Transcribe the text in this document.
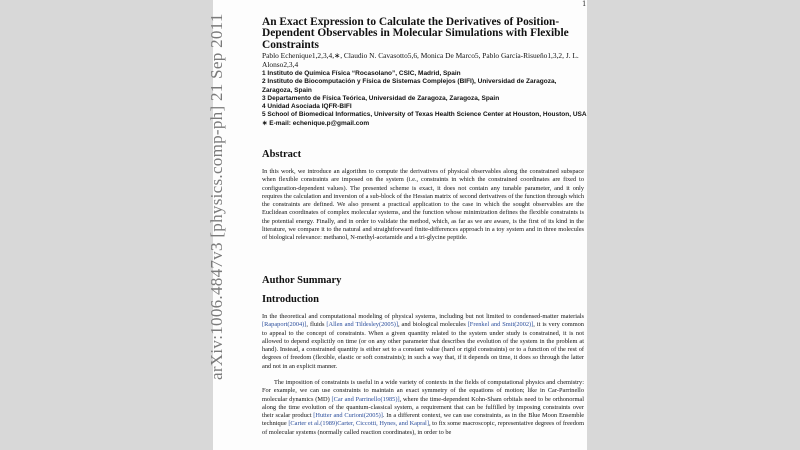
1
An Exact Expression to Calculate the Derivatives of Position-Dependent Observables in Molecular Simulations with Flexible Constraints
Pablo Echenique1,2,3,4,∗, Claudio N. Cavasotto5,6, Monica De Marco5, Pablo García-Risueño1,3,2, J. L. Alonso2,3,4
1 Instituto de Química Física “Rocasolano”, CSIC, Madrid, Spain
2 Instituto de Biocomputación y Física de Sistemas Complejos (BIFI), Universidad de Zaragoza, Zaragoza, Spain
3 Departamento de Física Teórica, Universidad de Zaragoza, Zaragoza, Spain
4 Unidad Asociada IQFR-BIFI
5 School of Biomedical Informatics, University of Texas Health Science Center at Houston, Houston, USA
∗ E-mail: echenique.p@gmail.com
Abstract
In this work, we introduce an algorithm to compute the derivatives of physical observables along the constrained subspace when flexible constraints are imposed on the system (i.e., constraints in which the constrained coordinates are fixed to configuration-dependent values). The presented scheme is exact, it does not contain any tunable parameter, and it only requires the calculation and inversion of a sub-block of the Hessian matrix of second derivatives of the function through which the constraints are defined. We also present a practical application to the case in which the sought observables are the Euclidean coordinates of complex molecular systems, and the function whose minimization defines the flexible constraints is the potential energy. Finally, and in order to validate the method, which, as far as we are aware, is the first of its kind in the literature, we compare it to the natural and straightforward finite-differences approach in a toy system and in three molecules of biological relevance: methanol, N-methyl-acetamide and a tri-glycine peptide.
Author Summary
Introduction
In the theoretical and computational modeling of physical systems, including but not limited to condensed-matter materials [Rapaport(2004)], fluids [Allen and Tildesley(2005)], and biological molecules [Frenkel and Smit(2002)], it is very common to appeal to the concept of constraints. When a given quantity related to the system under study is constrained, it is not allowed to depend explicitly on time (or on any other parameter that describes the evolution of the system in the problem at hand). Instead, a constrained quantity is either set to a constant value (hard or rigid constraints) or to a function of the rest of degrees of freedom (flexible, elastic or soft constraints); in such a way that, if it depends on time, it does so through the latter and not in an explicit manner.
The imposition of constraints is useful in a wide variety of contexts in the fields of computational physics and chemistry: For example, we can use constraints to maintain an exact symmetry of the equations of motion; like in Car-Parrinello molecular dynamics (MD) [Car and Parrinello(1985)], where the time-dependent Kohn-Sham orbitals need to be orthonormal along the time evolution of the quantum-classical system, a requirement that can be fulfilled by imposing constraints over their scalar product [Hutter and Curioni(2005)]. In a different context, we can use constraints, as in the Blue Moon Ensemble technique [Carter et al.(1989)Carter, Ciccotti, Hynes, and Kapral], to fix some macroscopic, representative degrees of freedom of molecular systems (normally called reaction coordinates), in order to be
arXiv:1006.4847v3 [physics.comp-ph] 21 Sep 2011
